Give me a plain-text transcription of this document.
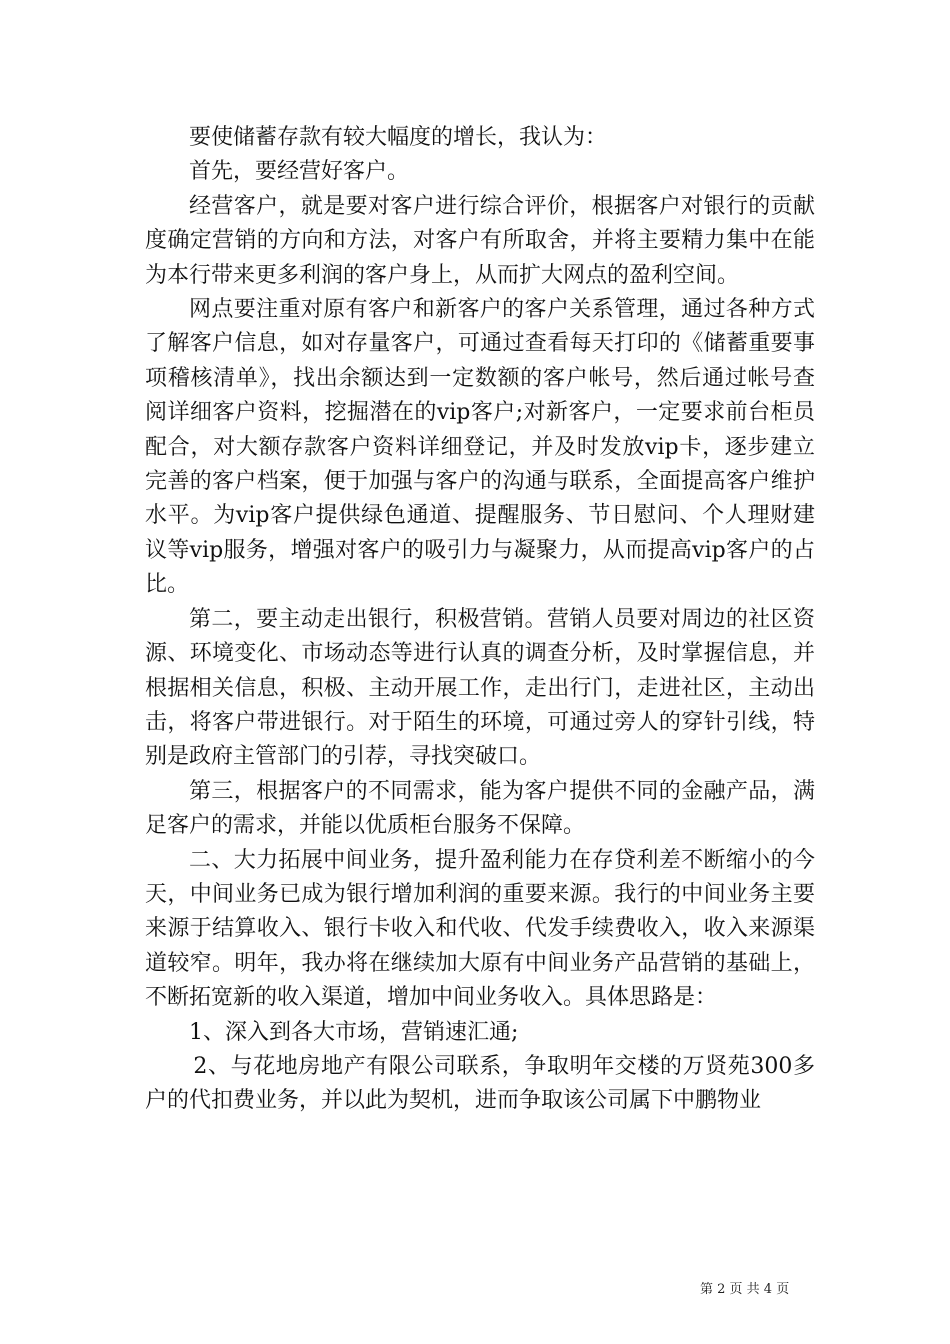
要使储蓄存款有较大幅度的增长，我认为：

首先，要经营好客户。

经营客户，就是要对客户进行综合评价，根据客户对银行的贡献度确定营销的方向和方法，对客户有所取舍，并将主要精力集中在能为本行带来更多利润的客户身上，从而扩大网点的盈利空间。

网点要注重对原有客户和新客户的客户关系管理，通过各种方式了解客户信息，如对存量客户，可通过查看每天打印的《储蓄重要事项稽核清单》，找出余额达到一定数额的客户帐号，然后通过帐号查阅详细客户资料，挖掘潜在的vip客户;对新客户，一定要求前台柜员配合，对大额存款客户资料详细登记，并及时发放vip卡，逐步建立完善的客户档案，便于加强与客户的沟通与联系，全面提高客户维护水平。为vip客户提供绿色通道、提醒服务、节日慰问、个人理财建议等vip服务，增强对客户的吸引力与凝聚力，从而提高vip客户的占比。

第二，要主动走出银行，积极营销。营销人员要对周边的社区资源、环境变化、市场动态等进行认真的调查分析，及时掌握信息，并根据相关信息，积极、主动开展工作，走出行门，走进社区，主动出击，将客户带进银行。对于陌生的环境，可通过旁人的穿针引线，特别是政府主管部门的引荐，寻找突破口。

第三，根据客户的不同需求，能为客户提供不同的金融产品，满足客户的需求，并能以优质柜台服务不保障。

二、大力拓展中间业务，提升盈利能力在存贷利差不断缩小的今天，中间业务已成为银行增加利润的重要来源。我行的中间业务主要来源于结算收入、银行卡收入和代收、代发手续费收入，收入来源渠道较窄。明年，我办将在继续加大原有中间业务产品营销的基础上，不断拓宽新的收入渠道，增加中间业务收入。具体思路是：

1、深入到各大市场，营销速汇通;

2、与花地房地产有限公司联系，争取明年交楼的万贤苑300多户的代扣费业务，并以此为契机，进而争取该公司属下中鹏物业

第 2 页 共 4 页
